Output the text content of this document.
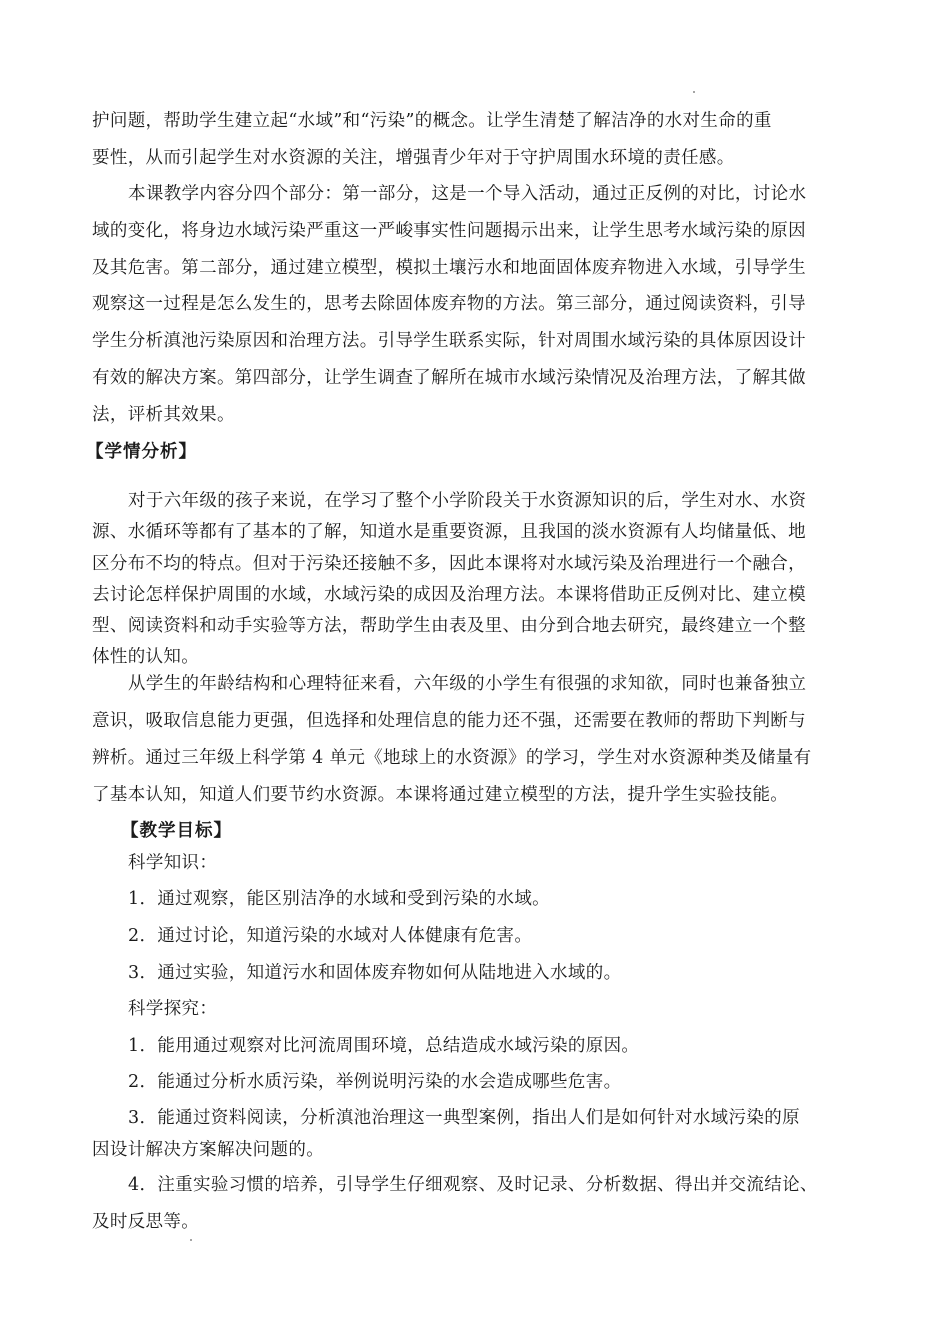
护问题，帮助学生建立起“水域”和“污染”的概念。让学生清楚了解洁净的水对生命的重
要性，从而引起学生对水资源的关注，增强青少年对于守护周围水环境的责任感。
本课教学内容分四个部分：第一部分，这是一个导入活动，通过正反例的对比，讨论水
域的变化，将身边水域污染严重这一严峻事实性问题揭示出来，让学生思考水域污染的原因
及其危害。第二部分，通过建立模型，模拟土壤污水和地面固体废弃物进入水域，引导学生
观察这一过程是怎么发生的，思考去除固体废弃物的方法。第三部分，通过阅读资料，引导
学生分析滇池污染原因和治理方法。引导学生联系实际，针对周围水域污染的具体原因设计
有效的解决方案。第四部分，让学生调查了解所在城市水域污染情况及治理方法，了解其做
法，评析其效果。
【学情分析】
对于六年级的孩子来说，在学习了整个小学阶段关于水资源知识的后，学生对水、水资
源、水循环等都有了基本的了解，知道水是重要资源，且我国的淡水资源有人均储量低、地
区分布不均的特点。但对于污染还接触不多，因此本课将对水域污染及治理进行一个融合，
去讨论怎样保护周围的水域，水域污染的成因及治理方法。本课将借助正反例对比、建立模
型、阅读资料和动手实验等方法，帮助学生由表及里、由分到合地去研究，最终建立一个整
体性的认知。
从学生的年龄结构和心理特征来看，六年级的小学生有很强的求知欲，同时也兼备独立
意识，吸取信息能力更强，但选择和处理信息的能力还不强，还需要在教师的帮助下判断与
辨析。通过三年级上科学第 4 单元《地球上的水资源》的学习，学生对水资源种类及储量有
了基本认知，知道人们要节约水资源。本课将通过建立模型的方法，提升学生实验技能。
【教学目标】
科学知识：
1．通过观察，能区别洁净的水域和受到污染的水域。
2．通过讨论，知道污染的水域对人体健康有危害。
3．通过实验，知道污水和固体废弃物如何从陆地进入水域的。
科学探究：
1．能用通过观察对比河流周围环境，总结造成水域污染的原因。
2．能通过分析水质污染，举例说明污染的水会造成哪些危害。
3．能通过资料阅读，分析滇池治理这一典型案例，指出人们是如何针对水域污染的原
因设计解决方案解决问题的。
4．注重实验习惯的培养，引导学生仔细观察、及时记录、分析数据、得出并交流结论、
及时反思等。
